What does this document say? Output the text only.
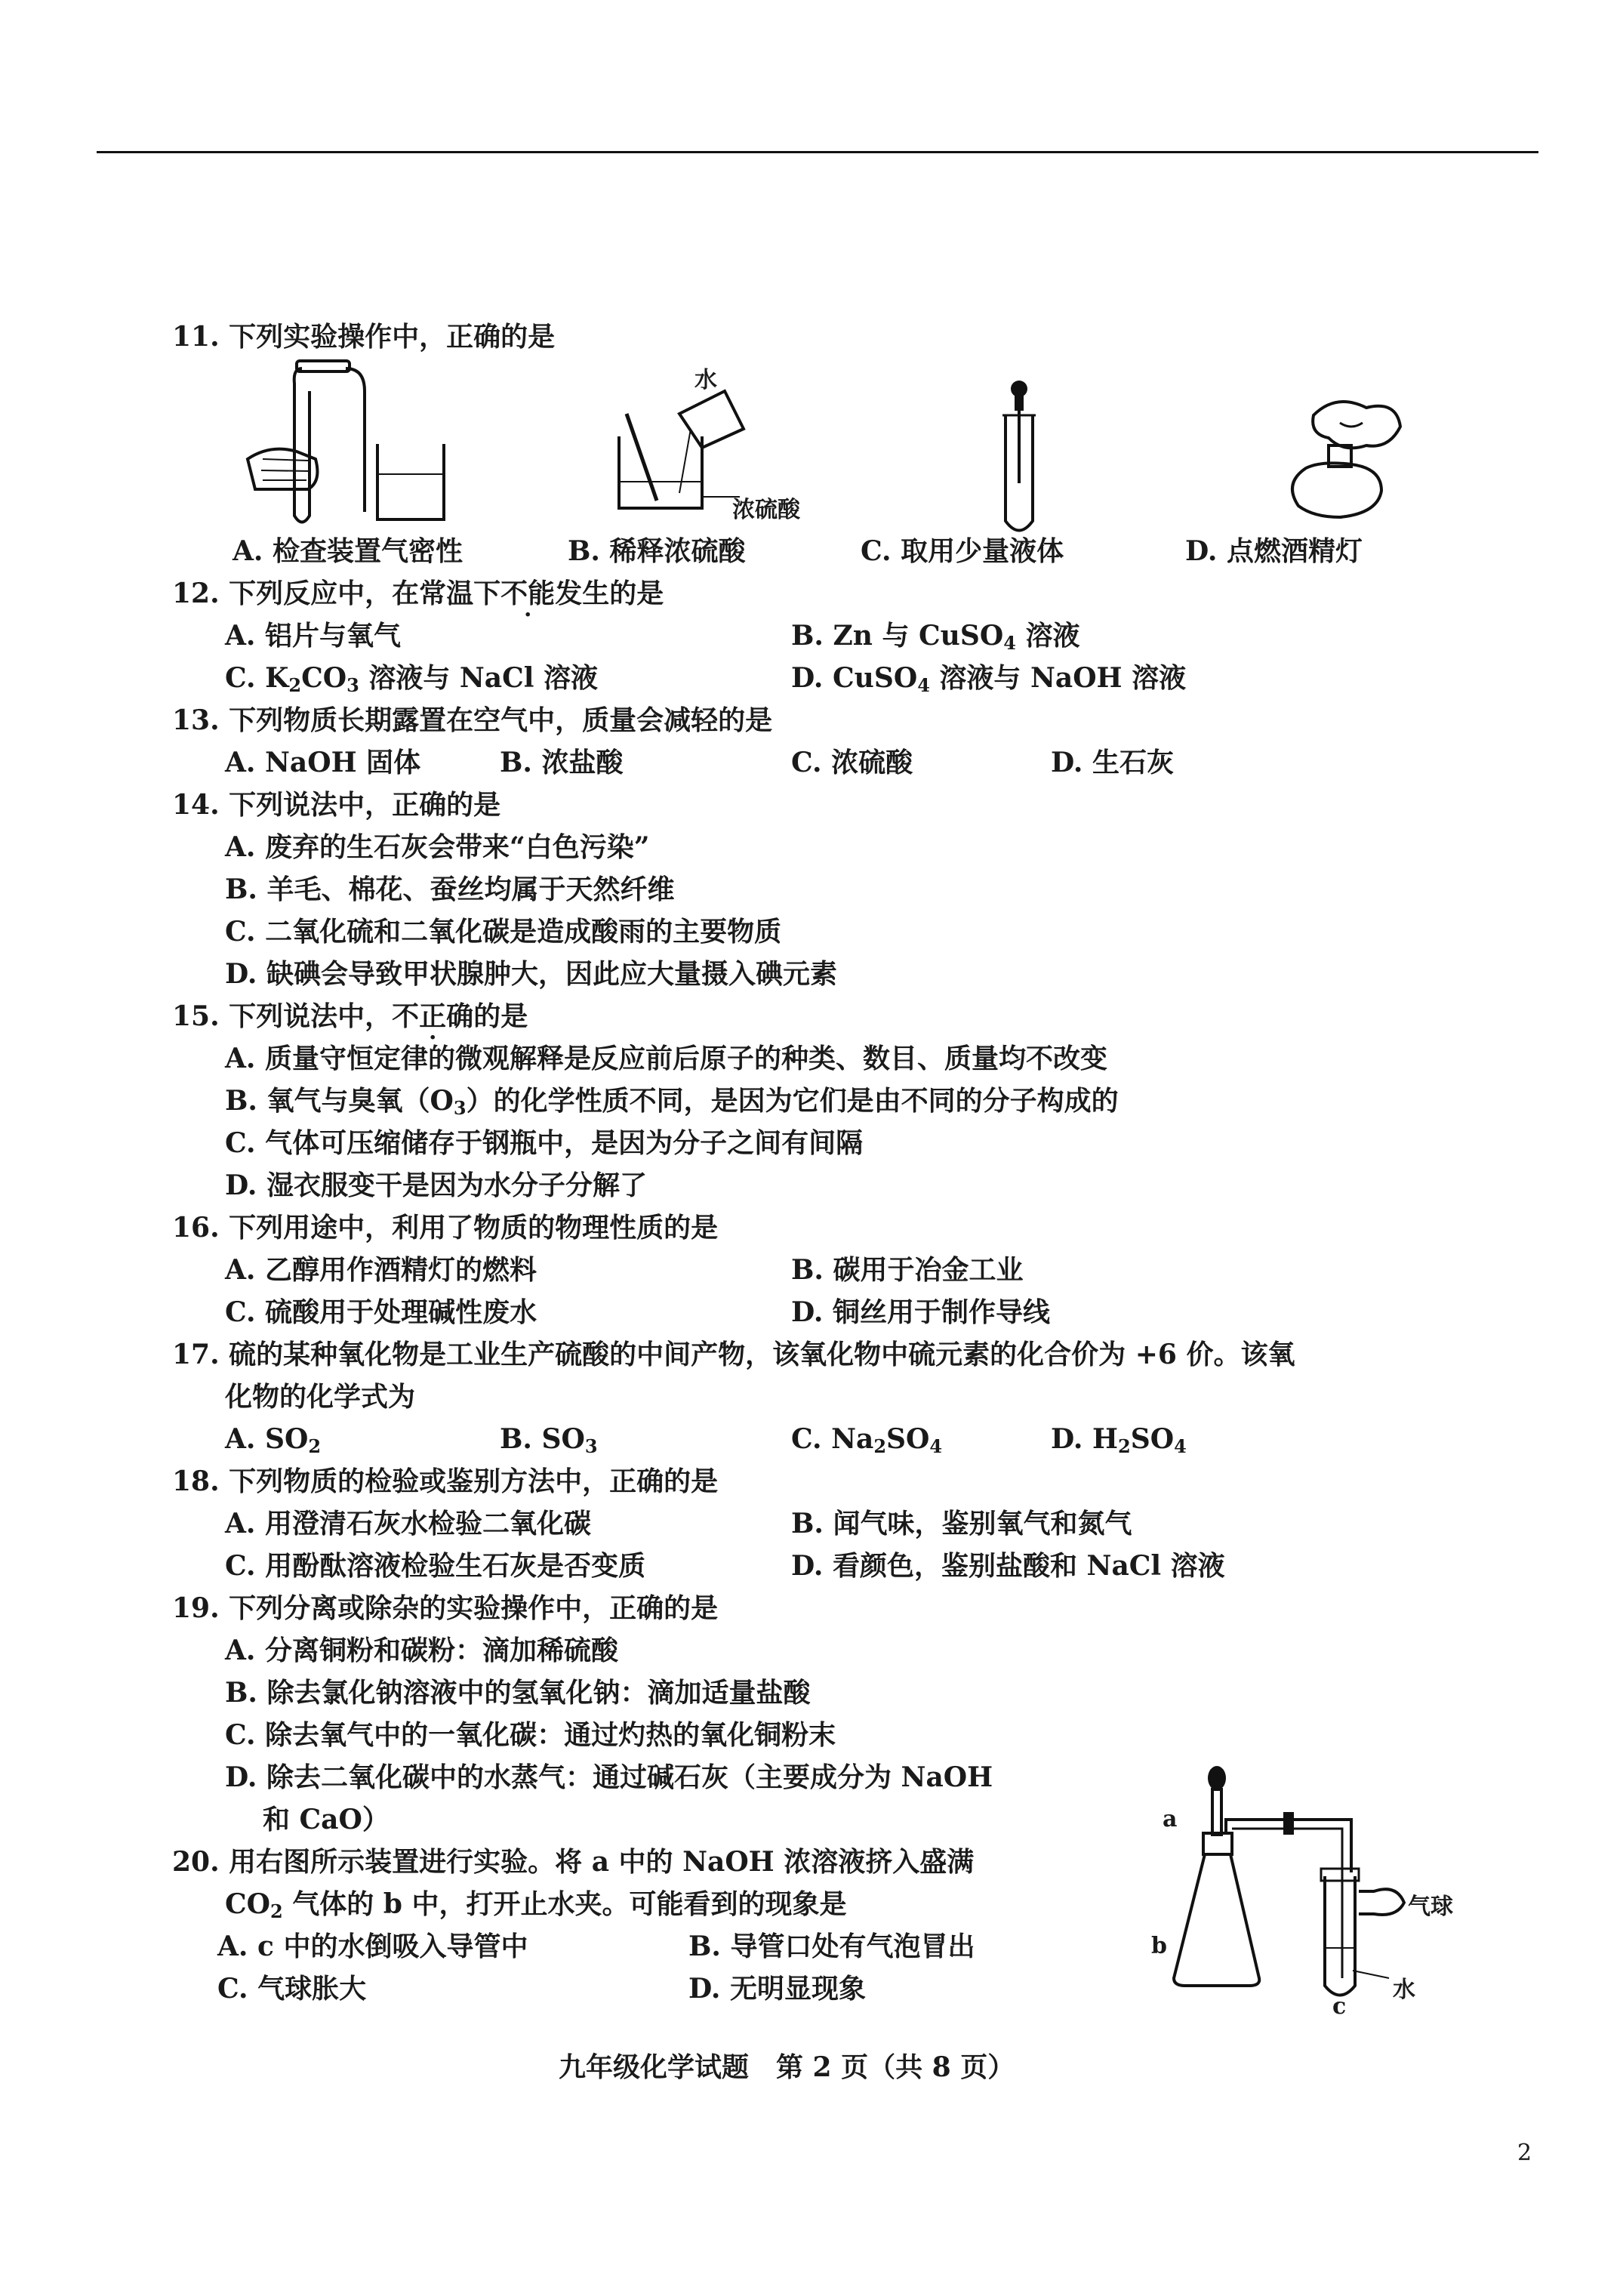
11. 下列实验操作中，正确的是
水
浓硫酸
A. 检查装置气密性	B. 稀释浓硫酸	C. 取用少量液体	D. 点燃酒精灯
12. 下列反应中，在常温下不能发生的是
A. 铝片与氧气	B. Zn 与 CuSO$_4$ 溶液
C. $K_2CO_3$ 溶液与 NaCl 溶液	D. CuSO$_4$ 溶液与 NaOH 溶液
13. 下列物质长期露置在空气中，质量会减轻的是
A. NaOH 固体	B. 浓盐酸	C. 浓硫酸	D. 生石灰
14. 下列说法中，正确的是
A. 废弃的生石灰会带来“白色污染”
B. 羊毛、棉花、蚕丝均属于天然纤维
C. 二氧化硫和二氧化碳是造成酸雨的主要物质
D. 缺碘会导致甲状腺肿大，因此应大量摄入碘元素
15. 下列说法中，不正确的是
A. 质量守恒定律的微观解释是反应前后原子的种类、数目、质量均不改变
B. 氧气与臭氧$(O_3)$的化学性质不同，是因为它们是由不同的分子构成的
C. 气体可压缩储存于钢瓶中，是因为分子之间有间隔
D. 湿衣服变干是因为水分子分解了
16. 下列用途中，利用了物质的物理性质的是
A. 乙醇用作酒精灯的燃料	B. 碳用于冶金工业
C. 硫酸用于处理碱性废水	D. 铜丝用于制作导线
17. 硫的某种氧化物是工业生产硫酸的中间产物，该氧化物中硫元素的化合价为 +6 价。该氧
化物的化学式为
A. $SO_2$	B. $SO_3$	C. $Na_2SO_4$	D. $H_2SO_4$
18. 下列物质的检验或鉴别方法中，正确的是
A. 用澄清石灰水检验二氧化碳	B. 闻气味，鉴别氧气和氮气
C. 用酚酞溶液检验生石灰是否变质	D. 看颜色，鉴别盐酸和 NaCl 溶液
19. 下列分离或除杂的实验操作中，正确的是
A. 分离铜粉和碳粉：滴加稀硫酸
B. 除去氯化钠溶液中的氢氧化钠：滴加适量盐酸
C. 除去氧气中的一氧化碳：通过灼热的氧化铜粉末
D. 除去二氧化碳中的水蒸气：通过碱石灰（主要成分为 NaOH
和 CaO）
20. 用右图所示装置进行实验。将 a 中的 NaOH 浓溶液挤入盛满
$CO_2$ 气体的 b 中，打开止水夹。可能看到的现象是
A. c 中的水倒吸入导管中	B. 导管口处有气泡冒出
C. 气球胀大	D. 无明显现象
a
b
c
气球
水
九年级化学试题　第 2 页（共 8 页）
2
